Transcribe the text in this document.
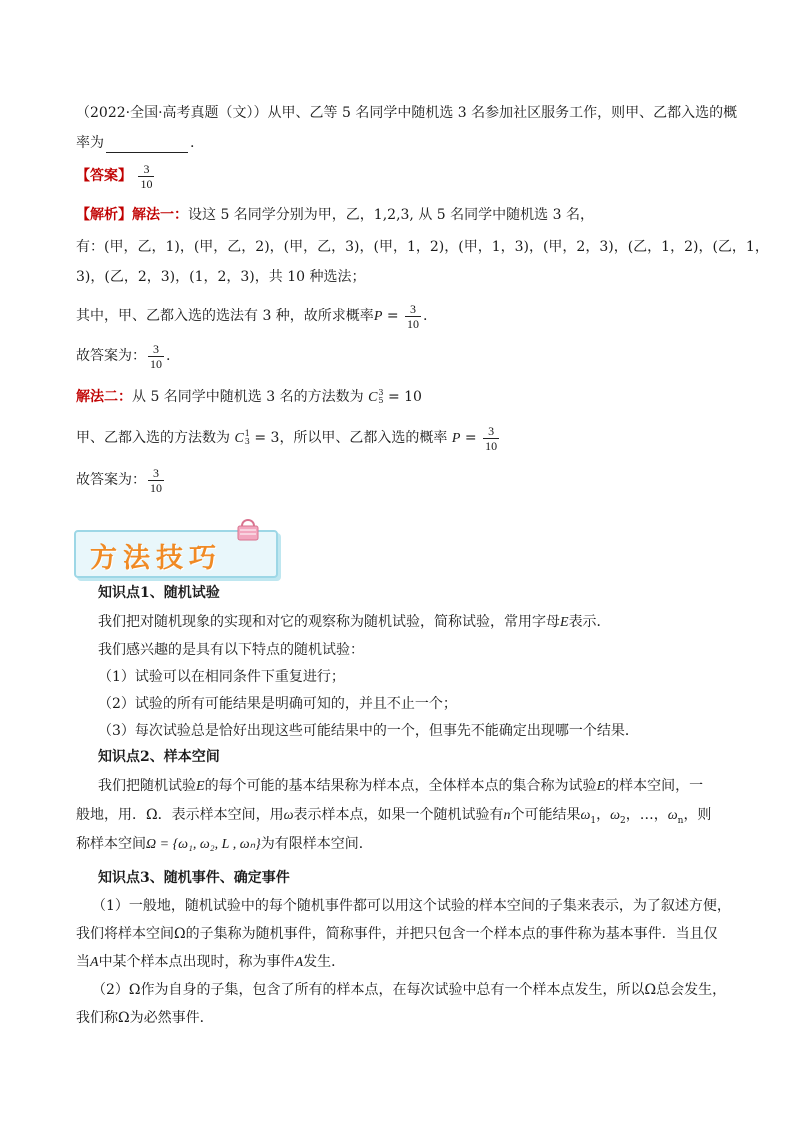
（2022·全国·高考真题（文））从甲、乙等 5 名同学中随机选 3 名参加社区服务工作，则甲、乙都入选的概
率为	.
【答案】 $\frac{3}{10}$
【解析】解法一：设这 5 名同学分别为甲，乙，1,2,3, 从 5 名同学中随机选 3 名，
有：(甲，乙，1)，(甲，乙，2)，(甲，乙，3)，(甲，1，2)，(甲，1，3)，(甲，2，3)，(乙，1，2)，(乙，1，
3)，(乙，2，3)，(1，2，3)，共 10 种选法；
其中，甲、乙都入选的选法有 3 种，故所求概率$P = \frac{3}{10}$ .
故答案为： $\frac{3}{10}$ .
解法二：从 5 名同学中随机选 3 名的方法数为 C 3
5 = 10
甲、乙都入选的方法数为 C 1
3 = 3，所以甲、乙都入选的概率 $P = \frac{3}{10}$
故答案为： $\frac{3}{10}$
方法技巧
知识点1、随机试验
我们把对随机现象的实现和对它的观察称为随机试验，简称试验，常用字母E表示．
我们感兴趣的是具有以下特点的随机试验：
（1）试验可以在相同条件下重复进行；
（2）试验的所有可能结果是明确可知的，并且不止一个；
（3）每次试验总是恰好出现这些可能结果中的一个，但事先不能确定出现哪一个结果．
知识点2、样本空间
我们把随机试验E的每个可能的基本结果称为样本点，全体样本点的集合称为试验E的样本空间，一
般地，用．Ω．表示样本空间，用ω表示样本点，如果一个随机试验有n个可能结果$\omega_1$，$\omega_2$，…，$\omega_n$，则
称样本空间Ω = {ω₁, ω₂, L , ωₙ}为有限样本空间．
知识点3、随机事件、确定事件
（1）一般地，随机试验中的每个随机事件都可以用这个试验的样本空间的子集来表示，为了叙述方便，
我们将样本空间Ω的子集称为随机事件，简称事件，并把只包含一个样本点的事件称为基本事件．当且仅
当A中某个样本点出现时，称为事件A发生．
（2）Ω作为自身的子集，包含了所有的样本点，在每次试验中总有一个样本点发生，所以Ω总会发生，
我们称Ω为必然事件．
